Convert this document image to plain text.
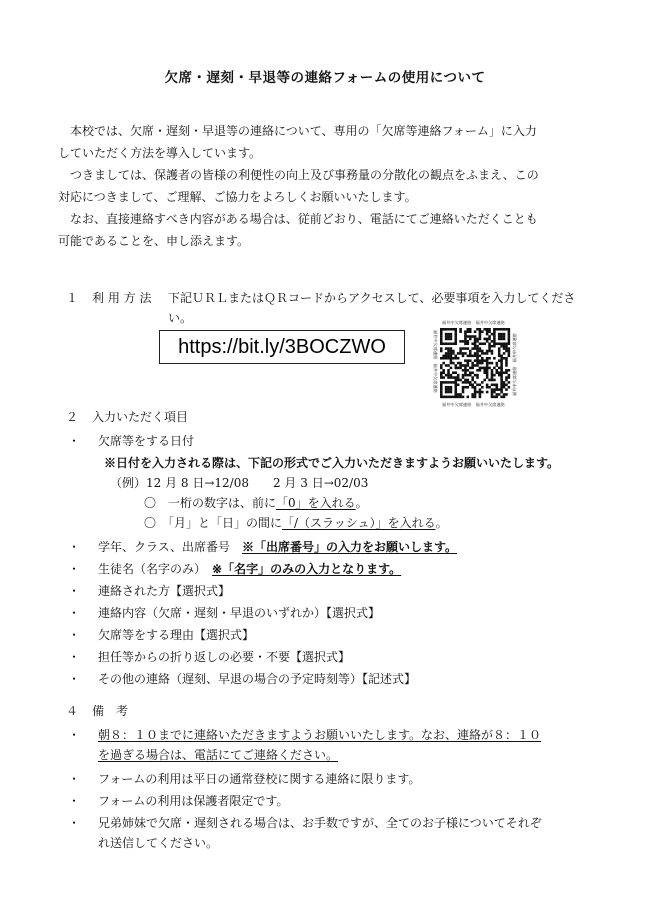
欠席・遅刻・早退等の連絡フォームの使用について

本校では、欠席・遅刻・早退等の連絡について、専用の「欠席等連絡フォーム」に入力

していただく方法を導入しています。

つきましては、保護者の皆様の利便性の向上及び事務量の分散化の観点をふまえ、この

対応につきまして、ご理解、ご協力をよろしくお願いいたします。

なお、直接連絡すべき内容がある場合は、従前どおり、電話にてご連絡いただくことも

可能であることを、申し添えます。

１ 利 用 方 法 下記ＵＲＬまたはＱＲコードからアクセスして、必要事項を入力してください。
https://bit.ly/3BOCZWO
福井中欠席連絡　福井中欠席連絡
福井中欠席連絡　福井中欠席連絡
福井中欠席連絡　福井中欠席連絡	福井中欠席連絡　福井中欠席連絡
２ 入力いただく項目
・ 欠席等をする日付
※日付を入力される際は、下記の形式でご入力いただきますようお願いいたします。
（例）12 月 8 日→12/08　　2 月 3 日→02/03
〇　一桁の数字は、前に「0」を入れる。
〇　「月」と「日」の間に「/（スラッシュ）」を入れる。
・ 学年、クラス、出席番号　※「出席番号」の入力をお願いします。
・ 生徒名（名字のみ）　※「名字」のみの入力となります。
・ 連絡された方【選択式】
・ 連絡内容（欠席・遅刻・早退のいずれか）【選択式】
・ 欠席等をする理由【選択式】
・ 担任等からの折り返しの必要・不要【選択式】
・ その他の連絡（遅刻、早退の場合の予定時刻等）【記述式】
４ 備　考
・ 朝８：１０までに連絡いただきますようお願いいたします。なお、連絡が８：１０
を過ぎる場合は、電話にてご連絡ください。
・ フォームの利用は平日の通常登校に関する連絡に限ります。
・ フォームの利用は保護者限定です。
・ 兄弟姉妹で欠席・遅刻される場合は、お手数ですが、全てのお子様についてそれぞ
れ送信してください。
